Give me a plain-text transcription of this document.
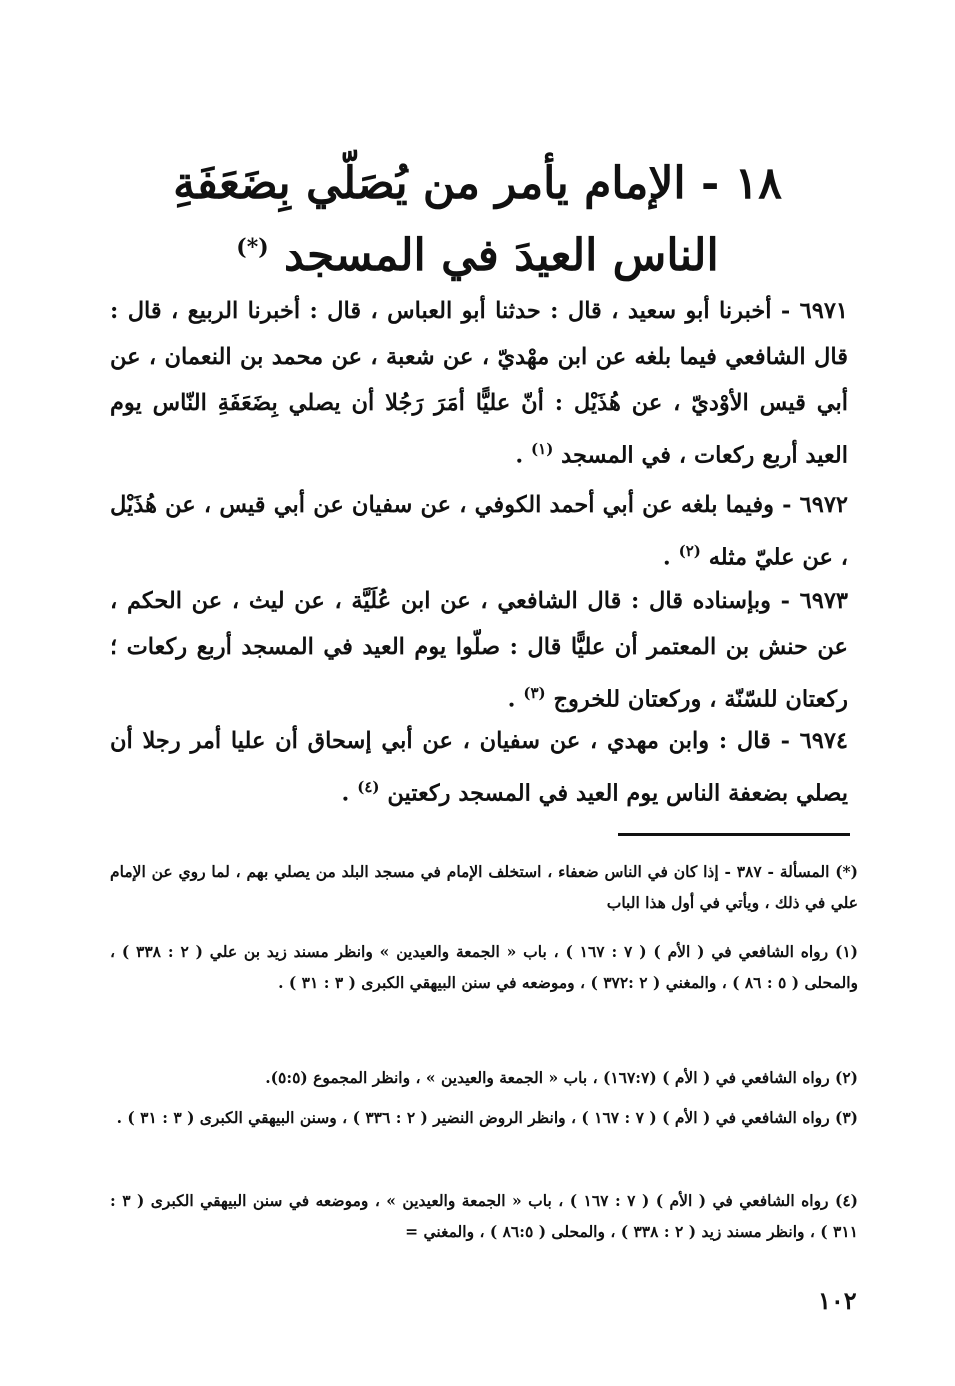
١٨ - الإمام يأمر من يُصَلّي بِضَعَفَةِ
الناس العيدَ في المسجد (*)
٦٩٧١ - أخبرنا أبو سعيد ، قال : حدثنا أبو العباس ، قال : أخبرنا الربيع ، قال : قال الشافعي فيما بلغه عن ابن مهْديّ ، عن شعبة ، عن محمد بن النعمان ، عن أبي قيس الأوْديّ ، عن هُذَيْل : أنّ عليًّا أمَرَ رَجُلا أن يصلي بِضَعَفَةِ النّاس يوم العيد أربع ركعات ، في المسجد $^{(١)}$ .
٦٩٧٢ - وفيما بلغه عن أبي أحمد الكوفي ، عن سفيان عن أبي قيس ، عن هُذَيْل ، عن عليّ مثله $^{(٢)}$ .
٦٩٧٣ - وبإسناده قال : قال الشافعي ، عن ابن عُلَيَّة ، عن ليث ، عن الحكم ، عن حنش بن المعتمر أن عليًّا قال : صلّوا يوم العيد في المسجد أربع ركعات ؛ ركعتان للسّنّة ، وركعتان للخروج $^{(٣)}$ .
٦٩٧٤ - قال : وابن مهدي ، عن سفيان ، عن أبي إسحاق أن عليا أمر رجلا أن يصلي بضعفة الناس يوم العيد في المسجد ركعتين $^{(٤)}$ .
(*) المسألة - ٣٨٧ - إذا كان في الناس ضعفاء ، استخلف الإمام في مسجد البلد من يصلي بهم ، لما روي عن الإمام علي في ذلك ، ويأتي في أول هذا الباب
(١) رواه الشافعي في ( الأم ) ( ٧ : ١٦٧ ) ، باب « الجمعة والعيدين » وانظر مسند زيد بن علي ( ٢ : ٣٣٨ ) ، والمحلى ( ٥ : ٨٦ ) ، والمغني ( ٢ :٣٧٢ ) ، وموضعه في سنن البيهقي الكبرى ( ٣ : ٣١ ) .
(٢) رواه الشافعي في ( الأم ) (١٦٧:٧) ، باب « الجمعة والعيدين » ، وانظر المجموع (٥:٥).
(٣) رواه الشافعي في ( الأم ) ( ٧ : ١٦٧ ) ، وانظر الروض النضير ( ٢ : ٣٣٦ ) ، وسنن البيهقي الكبرى ( ٣ : ٣١ ) .
(٤) رواه الشافعي في ( الأم ) ( ٧ : ١٦٧ ) ، باب « الجمعة والعيدين » ، وموضعه في سنن البيهقي الكبرى ( ٣ : ٣١١ ) ، وانظر مسند زيد ( ٢ : ٣٣٨ ) ، والمحلى ( ٨٦:٥ ) ، والمغني =
١٠٢
